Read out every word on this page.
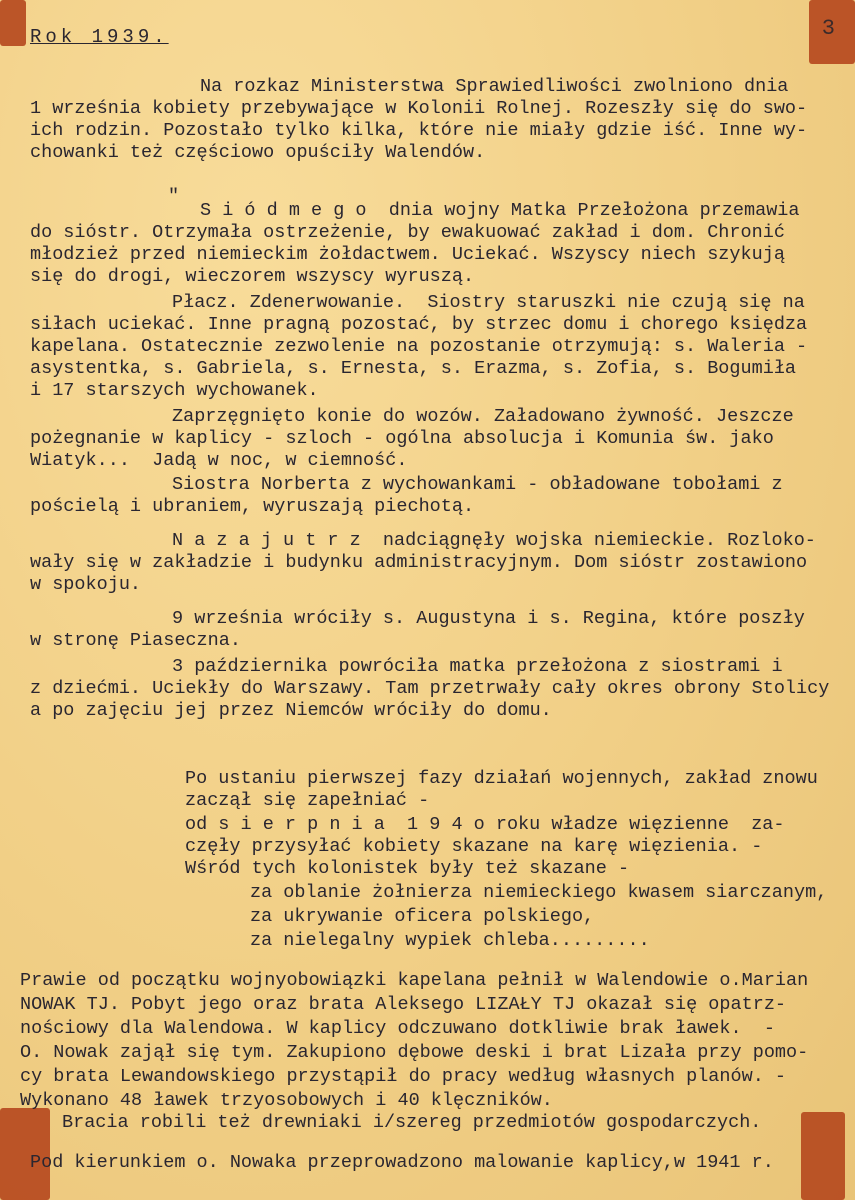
3
Rok 1939.
Na rozkaz Ministerstwa Sprawiedliwości zwolniono dnia
1 września kobiety przebywające w Kolonii Rolnej. Rozeszły się do swo-
ich rodzin. Pozostało tylko kilka, które nie miały gdzie iść. Inne wy-
chowanki też częściowo opuściły Walendów.
"
S i ó d m e g o  dnia wojny Matka Przełożona przemawia
do sióstr. Otrzymała ostrzeżenie, by ewakuować zakład i dom. Chronić
młodzież przed niemieckim żołdactwem. Uciekać. Wszyscy niech szykują
się do drogi, wieczorem wszyscy wyruszą.
Płacz. Zdenerwowanie.  Siostry staruszki nie czują się na
siłach uciekać. Inne pragną pozostać, by strzec domu i chorego księdza
kapelana. Ostatecznie zezwolenie na pozostanie otrzymują: s. Waleria -
asystentka, s. Gabriela, s. Ernesta, s. Erazma, s. Zofia, s. Bogumiła
i 17 starszych wychowanek.
Zaprzęgnięto konie do wozów. Załadowano żywność. Jeszcze
pożegnanie w kaplicy - szloch - ogólna absolucja i Komunia św. jako
Wiatyk...  Jadą w noc, w ciemność.
Siostra Norberta z wychowankami - obładowane tobołami z
pościelą i ubraniem, wyruszają piechotą.
N a z a j u t r z  nadciągnęły wojska niemieckie. Rozloko-
wały się w zakładzie i budynku administracyjnym. Dom sióstr zostawiono
w spokoju.
9 września wróciły s. Augustyna i s. Regina, które poszły
w stronę Piaseczna.
3 października powróciła matka przełożona z siostrami i
z dziećmi. Uciekły do Warszawy. Tam przetrwały cały okres obrony Stolicy
a po zajęciu jej przez Niemców wróciły do domu.
Po ustaniu pierwszej fazy działań wojennych, zakład znowu
zaczął się zapełniać -
od s i e r p n i a  1 9 4 o roku władze więzienne  za-
częły przysyłać kobiety skazane na karę więzienia. -
Wśród tych kolonistek były też skazane -
za oblanie żołnierza niemieckiego kwasem siarczanym,
za ukrywanie oficera polskiego,
za nielegalny wypiek chleba.........
Prawie od początku wojnyobowiązki kapelana pełnił w Walendowie o.Marian
NOWAK TJ. Pobyt jego oraz brata Aleksego LIZAŁY TJ okazał się opatrz-
nościowy dla Walendowa. W kaplicy odczuwano dotkliwie brak ławek.  -
O. Nowak zajął się tym. Zakupiono dębowe deski i brat Lizała przy pomo-
cy brata Lewandowskiego przystąpił do pracy według własnych planów. -
Wykonano 48 ławek trzyosobowych i 40 klęczników.
Bracia robili też drewniaki i/szereg przedmiotów gospodarczych.
Pod kierunkiem o. Nowaka przeprowadzono malowanie kaplicy,w 1941 r.
